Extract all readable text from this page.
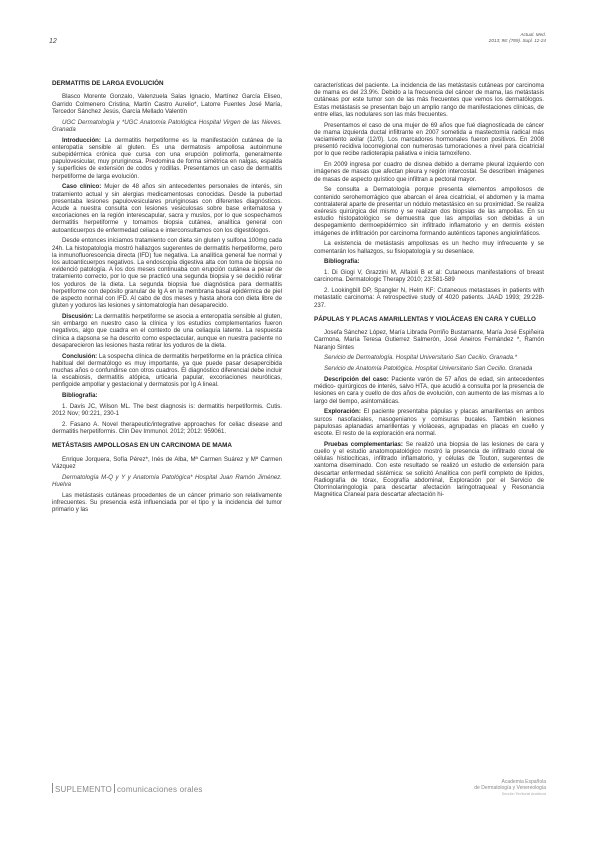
12
Actual. Med.
2013; 98: (789). Supl. 12-24
DERMATITIS DE LARGA EVOLUCIÓN

Blasco Morente Gonzalo, Valenzuela Salas Ignacio, Martínez García Eliseo, Garrido Colmenero Cristina, Martín Castro Aurelio*, Latorre Fuentes José María, Tercedor Sánchez Jesús, García Mellado Valentín

UGC Dermatología y *UGC Anatomía Patológica Hospital Virgen de las Nieves. Granada

Introducción: La dermatitis herpetiforme es la manifestación cutánea de la enteropatía sensible al gluten. Es una dermatosis ampollosa autoinmune subepidérmica crónica que cursa con una erupción polimorfa, generalmente papulovesicular, muy pruriginosa. Predomina de forma simétrica en nalgas, espalda y superficies de extensión de codos y rodillas. Presentamos un caso de dermatitis herpetiforme de larga evolución.

Caso clínico: Mujer de 48 años sin antecedentes personales de interés, sin tratamiento actual y sin alergias medicamentosas conocidas. Desde la pubertad presentaba lesiones papulovesiculares pruriginosas con diferentes diagnósticos. Acude a nuestra consulta con lesiones vesiculosas sobre base eritematosa y excoriaciones en la región interescapular, sacra y muslos, por lo que sospechamos dermatitis herpetiforme y tomamos biopsia cutánea, analítica general con autoanticuerpos de enfermedad celiaca e interconsultamos con los digestólogos.

Desde entonces iniciamos tratamiento con dieta sin gluten y sulfona 100mg cada 24h. La histopatología mostró hallazgos sugerentes de dermatitis herpetiforme, pero la inmunofluorescencia directa (IFD) fue negativa. La analítica general fue normal y los autoanticuerpos negativos. La endoscopia digestiva alta con toma de biopsia no evidenció patología. A los dos meses continuaba con erupción cutánea a pesar de tratamiento correcto, por lo que se practicó una segunda biopsia y se decidió retirar los yoduros de la dieta. La segunda biopsia fue diagnóstica para dermatitis herpetiforme con depósito granular de Ig A en la membrana basal epidérmica de piel de aspecto normal con IFD. Al cabo de dos meses y hasta ahora con dieta libre de gluten y yoduros las lesiones y sintomatología han desaparecido.

Discusión: La dermatitis herpetiforme se asocia a enteropatía sensible al gluten, sin embargo en nuestro caso la clínica y los estudios complementarios fueron negativos, algo que cuadra en el contexto de una celiaquía latente. La respuesta clínica a dapsona se ha descrito como espectacular, aunque en nuestra paciente no desaparecieron las lesiones hasta retirar los yoduros de la dieta.

Conclusión: La sospecha clínica de dermatitis herpetiforme en la práctica clínica habitual del dermatólogo es muy importante, ya que puede pasar desapercibida muchas años o confundirse con otros cuadros. El diagnóstico diferencial debe incluir la escabiosis, dermatitis atópica, urticaria papular, excoriaciones neuróticas, penfigoide ampollar y gestacional y dermatosis por Ig A lineal.

Bibliografía:

1. Davis JC, Wilson ML. The best diagnosis is: dermatitis herpetiformis. Cutis. 2012 Nov; 90:221, 230-1

2. Fasano A. Novel therapeutic/integrative approaches for celiac disease and dermatitis herpetiformis. Clin Dev Immunol. 2012; 2012: 959061.

METÁSTASIS AMPOLLOSAS EN UN CARCINOMA DE MAMA

Enrique Jorquera, Sofía Pérez*, Inés de Alba, Mª Carmen Suárez y Mª Carmen Vázquez

Dermatología M-Q y Y y Anatomía Patológica* Hospital Juan Ramón Jiménez. Huelva

Las metástasis cutáneas procedentes de un cáncer primario son relativamente infrecuentes. Su presencia está influenciada por el tipo y la incidencia del tumor primario y las

características del paciente. La incidencia de las metástasis cutáneas por carcinoma de mama es del 23.9%. Debido a la frecuencia del cáncer de mama, las metástasis cutáneas por este tumor son de las más frecuentes que vemos los dermatólogos. Estas metástasis se presentan bajo un amplio rango de manifestaciones clínicas, de entre ellas, las nodulares son las más frecuentes.

Presentamos el caso de una mujer de 69 años que fué diagnosticada de cáncer de mama izquierda ductal infiltrante en 2007 sometida a mastectomía radical más vaciamiento axilar (12/0). Los marcadores hormonales fueron positivos. En 2008 presentó recidiva locorregional con numerosas tumoraciones a nivel para cicatricial por lo que recibe radioterapia paliativa e inicia tamoxifeno.

En 2009 ingresa por cuadro de disnea debido a derrame pleural izquierdo con imágenes de masas que afectan pleura y región intercostal. Se describen imágenes de masas de aspecto quístico que infiltran a pectoral mayor.

Se consulta a Dermatología porque presenta elementos ampollosos de contenido serohemorrágico que abarcan el área cicatricial, el abdomen y la mama contralateral aparte de presentar un nódulo metastásico en su proximidad. Se realiza exéresis quirúrgica del mismo y se realizan dos biopsias de las ampollas. En su estudio histopatológico se demuestra que las ampollas son debidas a un despegamiento dermoepidérmico sin infiltrado inflamatorio y en dermis existen imágenes de infiltración por carcinoma formando auténticos tapones angiolinfáticos.

La existencia de metástasis ampollosas es un hecho muy infrecuente y se comentarán los hallazgos, su fisiopatología y su desenlace.

Bibliografía:

1. Di Giogi V, Grazzini M, Alfaioli B et al: Cutaneous manifestations of breast carcinoma. Dermatologic Therapy 2010; 23:581-589

2. Lookingbill DP, Spangler N, Helm KF: Cutaneous metastases in patients with metastatic carcinoma: A retrospective study of 4020 patients. JAAD 1993; 29:228-237.

PÁPULAS Y PLACAS AMARILLENTAS Y VIOLÁCEAS EN CARA Y CUELLO

Josefa Sánchez López, María Librada Porriño Bustamante, María José Espiñeira Carmona, María Teresa Gutierrez Salmerón, José Aneiros Fernández *, Ramón Naranjo Sintes

Servicio de Dermatología. Hospital Universitario San Cecilio. Granada.*

Servicio de Anatomía Patológica. Hospital Universitario San Cecilio. Granada

Descripción del caso: Paciente varón de 57 años de edad, sin antecedentes médico- quirúrgicos de interés, salvo HTA, que acudió a consulta por la presencia de lesiones en cara y cuello de dos años de evolución, con aumento de las mismas a lo largo del tiempo, asintomáticas.

Exploración: El paciente presentaba pápulas y placas amarillentas en ambos surcos nasofaciales, nasogenianos y comisuras bucales. También lesiones papulosas aplanadas amarillentas y violáceas, agrupadas en placas en cuello y escote. El resto de la exploración era normal.

Pruebas complementarias: Se realizó una biopsia de las lesiones de cara y cuello y el estudio anatomopatológico mostró la presencia de infiltrado clonal de células histiocíticas, infiltrado inflamatorio, y células de Touton, sugerentes de xantoma diseminado. Con este resultado se realizó un estudio de extensión para descartar enfermedad sistémica: se solicitó Analítica con perfil completo de lípidos, Radiografía de tórax, Ecografía abdominal, Exploración por el Servicio de Otorrinolaringología para descartar afectación laringotraqueal y Resonancia Magnética Craneal para descartar afectación hi-

SUPLEMENTO comunicaciones orales
Academia Española
de Dermatología y Venereología
Sección Territorial Andaluza
